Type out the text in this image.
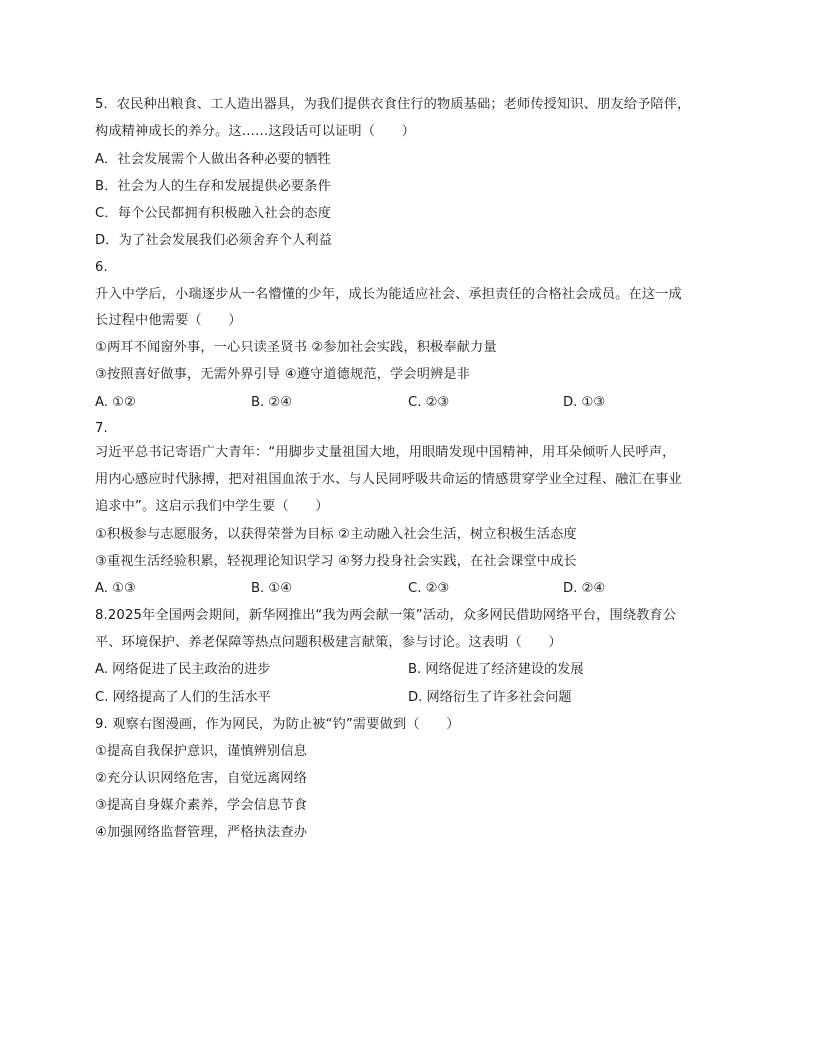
5．农民种出粮食、工人造出器具，为我们提供衣食住行的物质基础；老师传授知识、朋友给予陪伴，
构成精神成长的养分。这……这段话可以证明（　　）
A．社会发展需个人做出各种必要的牺牲
B．社会为人的生存和发展提供必要条件
C．每个公民都拥有积极融入社会的态度
D．为了社会发展我们必须舍弃个人利益
6.
升入中学后，小瑞逐步从一名懵懂的少年，成长为能适应社会、承担责任的合格社会成员。在这一成
长过程中他需要（　　）
①两耳不闻窗外事，一心只读圣贤书 ②参加社会实践，积极奉献力量
③按照喜好做事，无需外界引导 ④遵守道德规范，学会明辨是非
A. ①②	B. ②④	C. ②③	D. ①③
7.
习近平总书记寄语广大青年：“用脚步丈量祖国大地，用眼睛发现中国精神，用耳朵倾听人民呼声，
用内心感应时代脉搏，把对祖国血浓于水、与人民同呼吸共命运的情感贯穿学业全过程、融汇在事业
追求中”。这启示我们中学生要（　　）
①积极参与志愿服务，以获得荣誉为目标 ②主动融入社会生活，树立积极生活态度
③重视生活经验积累，轻视理论知识学习 ④努力投身社会实践，在社会课堂中成长
A. ①③	B. ①④	C. ②③	D. ②④
8.2025年全国两会期间，新华网推出“我为两会献一策”活动，众多网民借助网络平台，围绕教育公
平、环境保护、养老保障等热点问题积极建言献策，参与讨论。这表明（　　）
A. 网络促进了民主政治的进步	B. 网络促进了经济建设的发展
C. 网络提高了人们的生活水平	D. 网络衍生了许多社会问题
9. 观察右图漫画，作为网民，为防止被“钓”需要做到（　　）
①提高自我保护意识，谨慎辨别信息
②充分认识网络危害，自觉远离网络
③提高自身媒介素养，学会信息节食
④加强网络监督管理，严格执法查办
